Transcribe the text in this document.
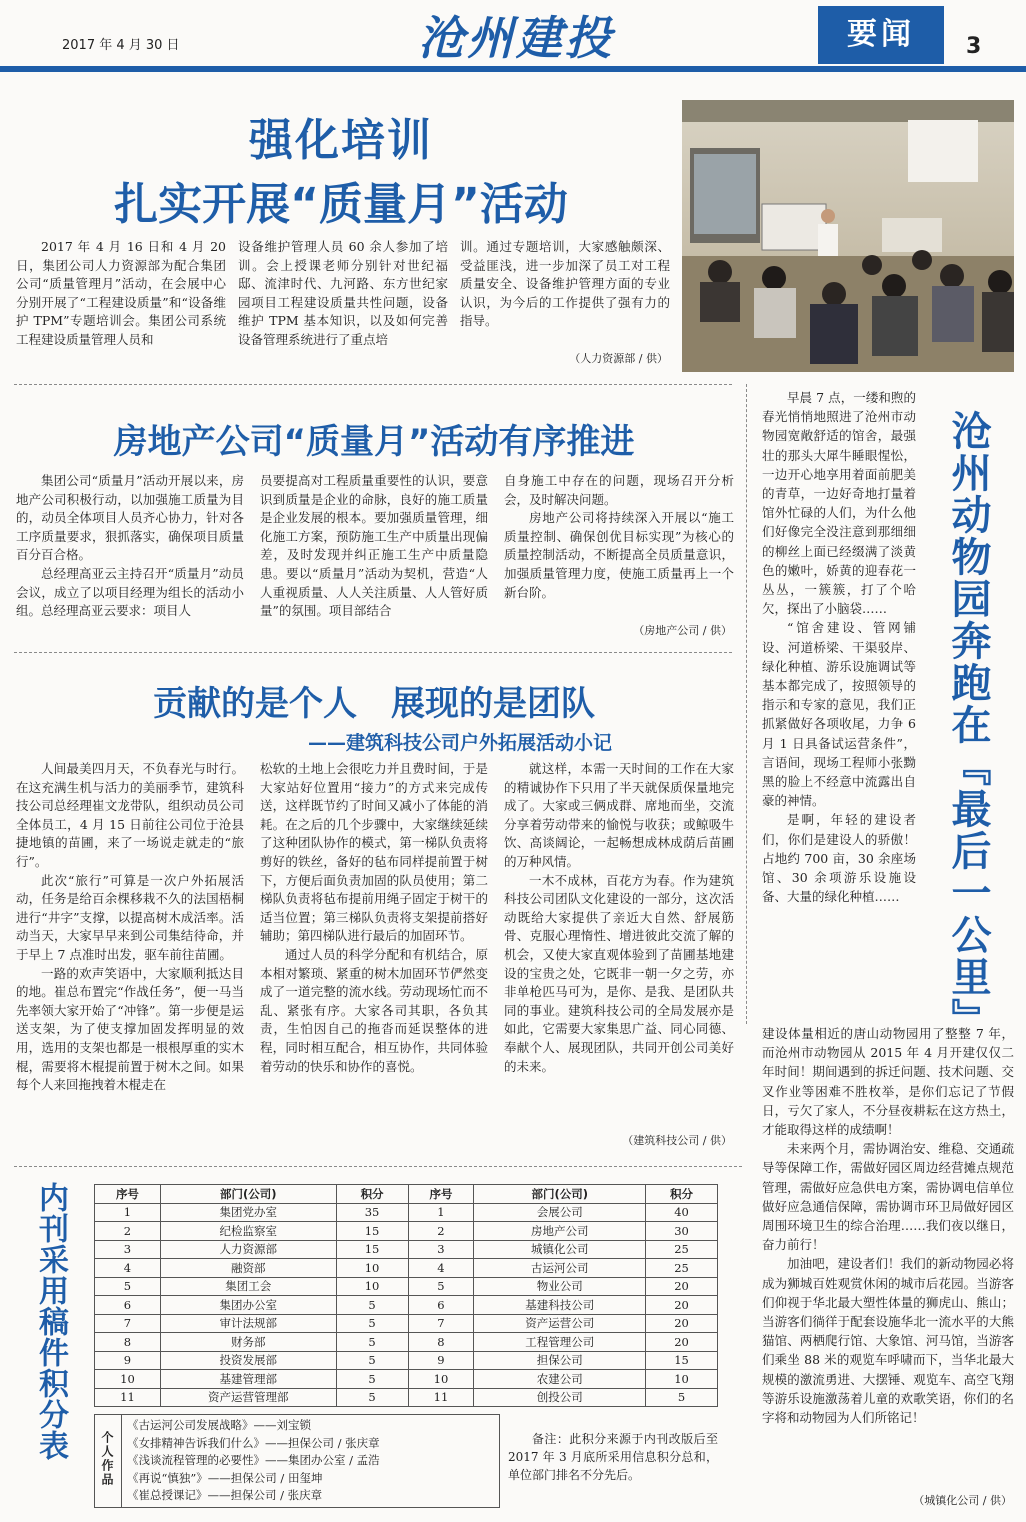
2017 年 4 月 30 日	沧州建投	要闻	3
强化培训
扎实开展“质量月”活动

2017 年 4 月 16 日和 4 月 20 日，集团公司人力资源部为配合集团公司“质量管理月”活动，在会展中心分别开展了“工程建设质量”和“设备维护 TPM”专题培训会。集团公司系统工程建设质量管理人员和

设备维护管理人员 60 余人参加了培训。会上授课老师分别针对世纪福邸、流津时代、九河路、东方世纪家园项目工程建设质量共性问题，设备维护 TPM 基本知识，以及如何完善设备管理系统进行了重点培

训。通过专题培训，大家感触颇深、受益匪浅，进一步加深了员工对工程质量安全、设备维护管理方面的专业认识，为今后的工作提供了强有力的指导。

（人力资源部 / 供）
房地产公司“质量月”活动有序推进

集团公司“质量月”活动开展以来，房地产公司积极行动，以加强施工质量为目的，动员全体项目人员齐心协力，针对各工序质量要求，狠抓落实，确保项目质量百分百合格。

总经理高亚云主持召开“质量月”动员会议，成立了以项目经理为组长的活动小组。总经理高亚云要求：项目人

员要提高对工程质量重要性的认识，要意识到质量是企业的命脉，良好的施工质量是企业发展的根本。要加强质量管理，细化施工方案，预防施工生产中质量出现偏差，及时发现并纠正施工生产中质量隐患。要以“质量月”活动为契机，营造“人人重视质量、人人关注质量、人人管好质量”的氛围。项目部结合

自身施工中存在的问题，现场召开分析会，及时解决问题。

房地产公司将持续深入开展以“施工质量控制、确保创优目标实现”为核心的质量控制活动，不断提高全员质量意识，加强质量管理力度，使施工质量再上一个新台阶。

（房地产公司 / 供）
贡献的是个人　展现的是团队
——建筑科技公司户外拓展活动小记

人间最美四月天，不负春光与时行。在这充满生机与活力的美丽季节，建筑科技公司总经理崔文龙带队，组织动员公司全体员工，4 月 15 日前往公司位于沧县捷地镇的苗圃，来了一场说走就走的“旅行”。

此次“旅行”可算是一次户外拓展活动，任务是给百余棵移栽不久的法国梧桐进行“井字”支撑，以提高树木成活率。活动当天，大家早早来到公司集结待命，并于早上 7 点准时出发，驱车前往苗圃。

一路的欢声笑语中，大家顺利抵达目的地。崔总布置完“作战任务”，便一马当先率领大家开始了“冲锋”。第一步便是运送支架，为了使支撑加固发挥明显的效用，选用的支架也都是一根根厚重的实木棍，需要将木棍提前置于树木之间。如果每个人来回拖拽着木棍走在

松软的土地上会很吃力并且费时间，于是大家站好位置用“接力”的方式来完成传送，这样既节约了时间又减小了体能的消耗。在之后的几个步骤中，大家继续延续了这种团队协作的模式，第一梯队负责将剪好的铁丝，备好的毡布同样提前置于树下，方便后面负责加固的队员使用；第二梯队负责将毡布提前用绳子固定于树干的适当位置；第三梯队负责将支架提前搭好辅助；第四梯队进行最后的加固环节。

通过人员的科学分配和有机结合，原本相对繁琐、紧重的树木加固环节俨然变成了一道完整的流水线。劳动现场忙而不乱、紧张有序。大家各司其职，各负其责，生怕因自己的拖沓而延误整体的进程，同时相互配合，相互协作，共同体验着劳动的快乐和协作的喜悦。

就这样，本需一天时间的工作在大家的精诚协作下只用了半天就保质保量地完成了。大家或三俩成群、席地而坐，交流分享着劳动带来的愉悦与收获；或鲸吸牛饮、高谈阔论，一起畅想成林成荫后苗圃的万种风情。

一木不成林，百花方为春。作为建筑科技公司团队文化建设的一部分，这次活动既给大家提供了亲近大自然、舒展筋骨、克服心理惰性、增进彼此交流了解的机会，又使大家直观体验到了苗圃基地建设的宝贵之处，它既非一朝一夕之劳，亦非单枪匹马可为，是你、是我、是团队共同的事业。建筑科技公司的全局发展亦是如此，它需要大家集思广益、同心同德、奉献个人、展现团队，共同开创公司美好的未来。

（建筑科技公司 / 供）
沧州动物园奔跑在『最后一公里』

早晨 7 点，一缕和煦的春光悄悄地照进了沧州市动物园宽敞舒适的馆舍，最强壮的那头大犀牛睡眼惺忪，一边开心地享用着面前肥美的青草，一边好奇地打量着馆外忙碌的人们，为什么他们好像完全没注意到那细细的柳丝上面已经缀满了淡黄色的嫩叶，娇黄的迎春花一丛丛，一簇簇，打了个哈欠，探出了小脑袋……

“馆舍建设、管网铺设、河道桥梁、干渠驳岸、绿化种植、游乐设施调试等基本都完成了，按照领导的指示和专家的意见，我们正抓紧做好各项收尾，力争 6 月 1 日具备试运营条件”，言语间，现场工程师小张黝黑的脸上不经意中流露出自豪的神情。

是啊，年轻的建设者们，你们是建设人的骄傲！占地约 700 亩，30 余座场馆、30 余项游乐设施设备、大量的绿化种植……

建设体量相近的唐山动物园用了整整 7 年，而沧州市动物园从 2015 年 4 月开建仅仅二年时间！期间遇到的拆迁问题、技术问题、交叉作业等困难不胜枚举，是你们忘记了节假日，亏欠了家人，不分昼夜耕耘在这方热土，才能取得这样的成绩啊！

未来两个月，需协调治安、维稳、交通疏导等保障工作，需做好园区周边经营摊点规范管理，需做好应急供电方案，需协调电信单位做好应急通信保障，需协调市环卫局做好园区周围环境卫生的综合治理……我们夜以继日，奋力前行！

加油吧，建设者们！我们的新动物园必将成为狮城百姓观赏休闲的城市后花园。当游客们仰视于华北最大塑性体量的狮虎山、熊山；当游客们徜徉于配套设施华北一流水平的大熊猫馆、两栖爬行馆、大象馆、河马馆，当游客们乘坐 88 米的观览车呼啸而下，当华北最大规模的激流勇进、大摆锤、观览车、高空飞翔等游乐设施激荡着儿童的欢歌笑语，你们的名字将和动物园为人们所铭记！

（城镇化公司 / 供）
内刊采用稿件积分表	序号	部门(公司)	积分	序号	部门(公司)	积分
1	集团党办室	35	1	会展公司	40
2	纪检监察室	15	2	房地产公司	30
3	人力资源部	15	3	城镇化公司	25
4	融资部	10	4	古运河公司	25
5	集团工会	10	5	物业公司	20
6	集团办公室	5	6	基建科技公司	20
7	审计法规部	5	7	资产运营公司	20
8	财务部	5	8	工程管理公司	20
9	投资发展部	5	9	担保公司	15
10	基建管理部	5	10	农建公司	10
11	资产运营管理部	5	11	创投公司	5
个人作品
《古运河公司发展战略》——刘宝锁
《女排精神告诉我们什么》——担保公司 / 张庆章
《浅谈流程管理的必要性》——集团办公室 / 孟浩
《再说“慎独”》——担保公司 / 田玺坤
《崔总授课记》——担保公司 / 张庆章

备注：此积分来源于内刊改版后至 2017 年 3 月底所采用信息积分总和，单位部门排名不分先后。
